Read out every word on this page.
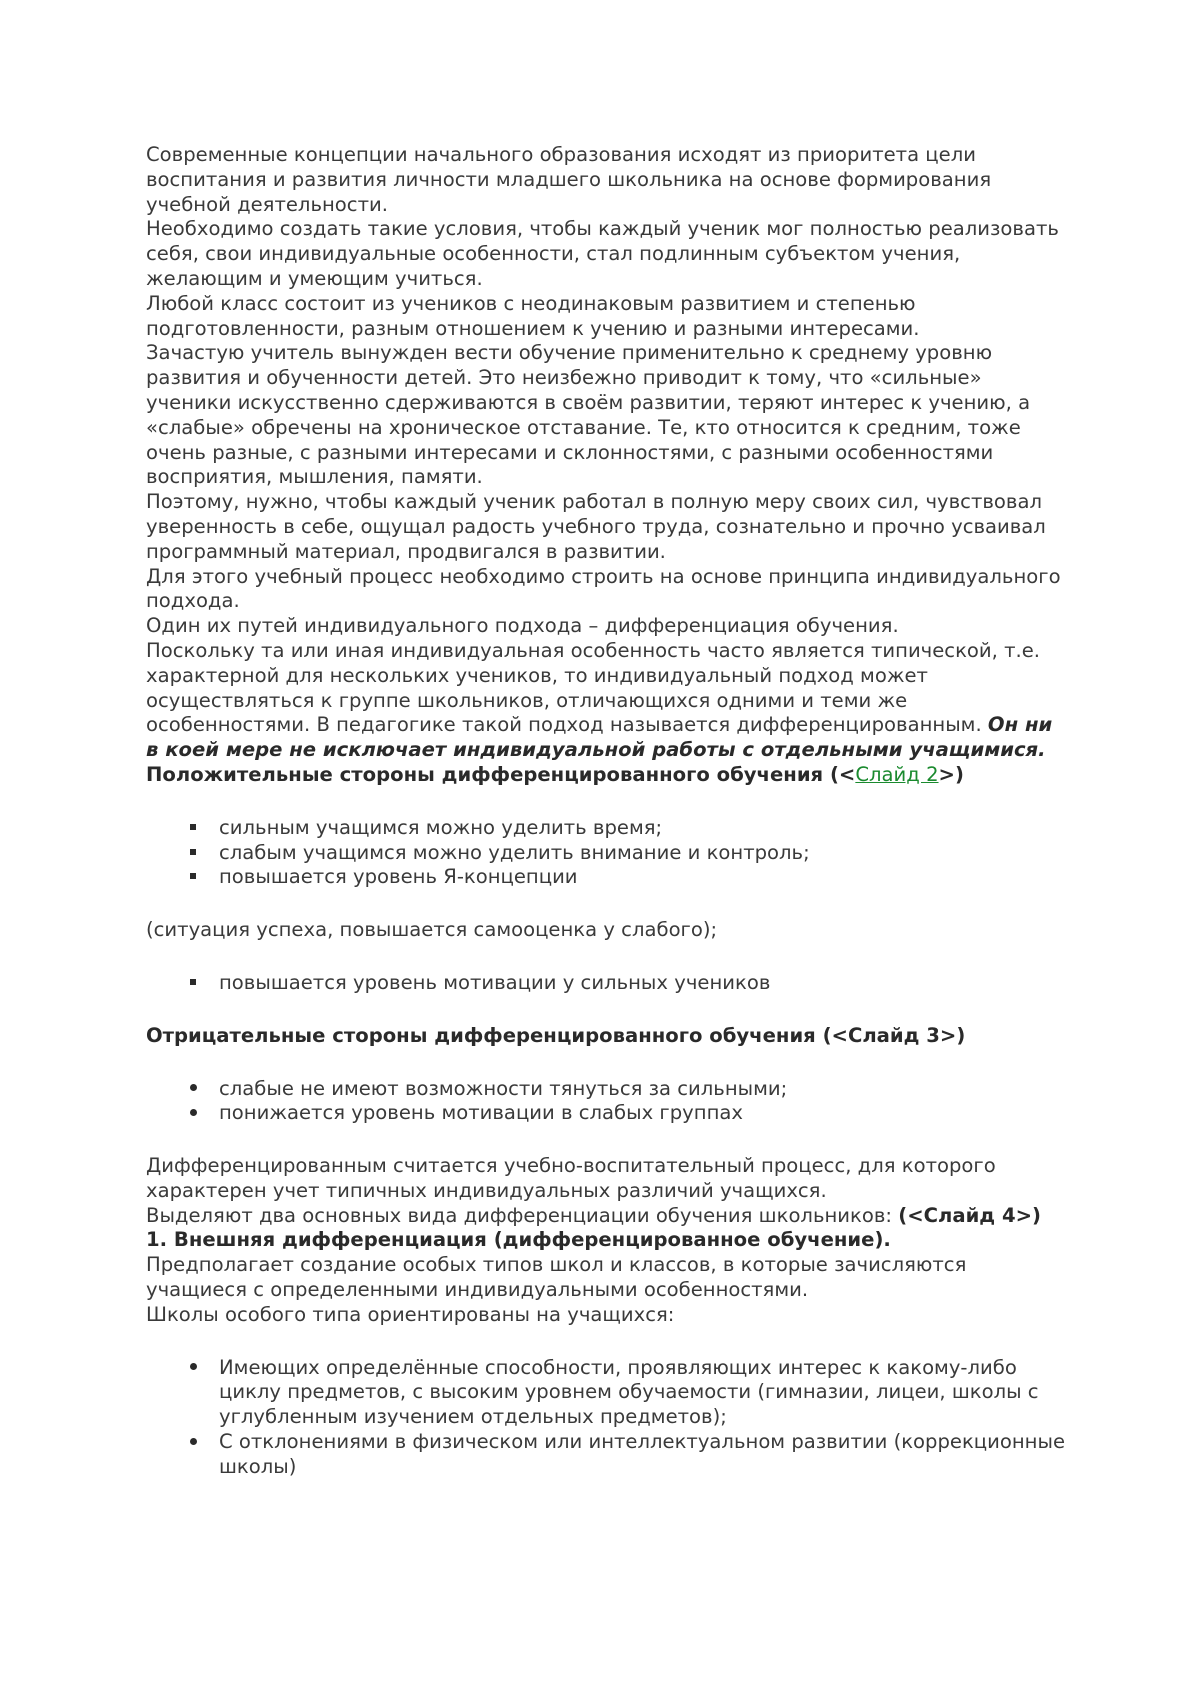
Современные концепции начального образования исходят из приоритета цели воспитания и развития личности младшего школьника на основе формирования учебной деятельности.

Необходимо создать такие условия, чтобы каждый ученик мог полностью реализовать себя, свои индивидуальные особенности, стал подлинным субъектом учения, желающим и умеющим учиться.

Любой класс состоит из учеников с неодинаковым развитием и степенью подготовленности, разным отношением к учению и разными интересами.

Зачастую учитель вынужден вести обучение применительно к среднему уровню развития и обученности детей. Это неизбежно приводит к тому, что «сильные» ученики искусственно сдерживаются в своём развитии, теряют интерес к учению, а «слабые» обречены на хроническое отставание. Те, кто относится к средним, тоже очень разные, с разными интересами и склонностями, с разными особенностями восприятия, мышления, памяти.

Поэтому, нужно, чтобы каждый ученик работал в полную меру своих сил, чувствовал уверенность в себе, ощущал радость учебного труда, сознательно и прочно усваивал программный материал, продвигался в развитии.

Для этого учебный процесс необходимо строить на основе принципа индивидуального подхода.

Один их путей индивидуального подхода – дифференциация обучения.

Поскольку та или иная индивидуальная особенность часто является типической, т.е. характерной для нескольких учеников, то индивидуальный подход может осуществляться к группе школьников, отличающихся одними и теми же особенностями. В педагогике такой подход называется дифференцированным. Он ни в коей мере не исключает индивидуальной работы с отдельными учащимися.

Положительные стороны дифференцированного обучения (<Слайд 2>)

сильным учащимся можно уделить время;
слабым учащимся можно уделить внимание и контроль;
повышается уровень Я-концепции

(ситуация успеха, повышается самооценка у слабого);

повышается уровень мотивации у сильных учеников

Отрицательные стороны дифференцированного обучения (<Слайд 3>)

слабые не имеют возможности тянуться за сильными;
понижается уровень мотивации в слабых группах

Дифференцированным считается учебно-воспитательный процесс, для которого характерен учет типичных индивидуальных различий учащихся.

Выделяют два основных вида дифференциации обучения школьников: (<Слайд 4>)

1. Внешняя дифференциация (дифференцированное обучение).

Предполагает создание особых типов школ и классов, в которые зачисляются учащиеся с определенными индивидуальными особенностями.

Школы особого типа ориентированы на учащихся:

Имеющих определённые способности, проявляющих интерес к какому-либо циклу предметов, с высоким уровнем обучаемости (гимназии, лицеи, школы с углубленным изучением отдельных предметов);
С отклонениями в физическом или интеллектуальном развитии (коррекционные школы)
